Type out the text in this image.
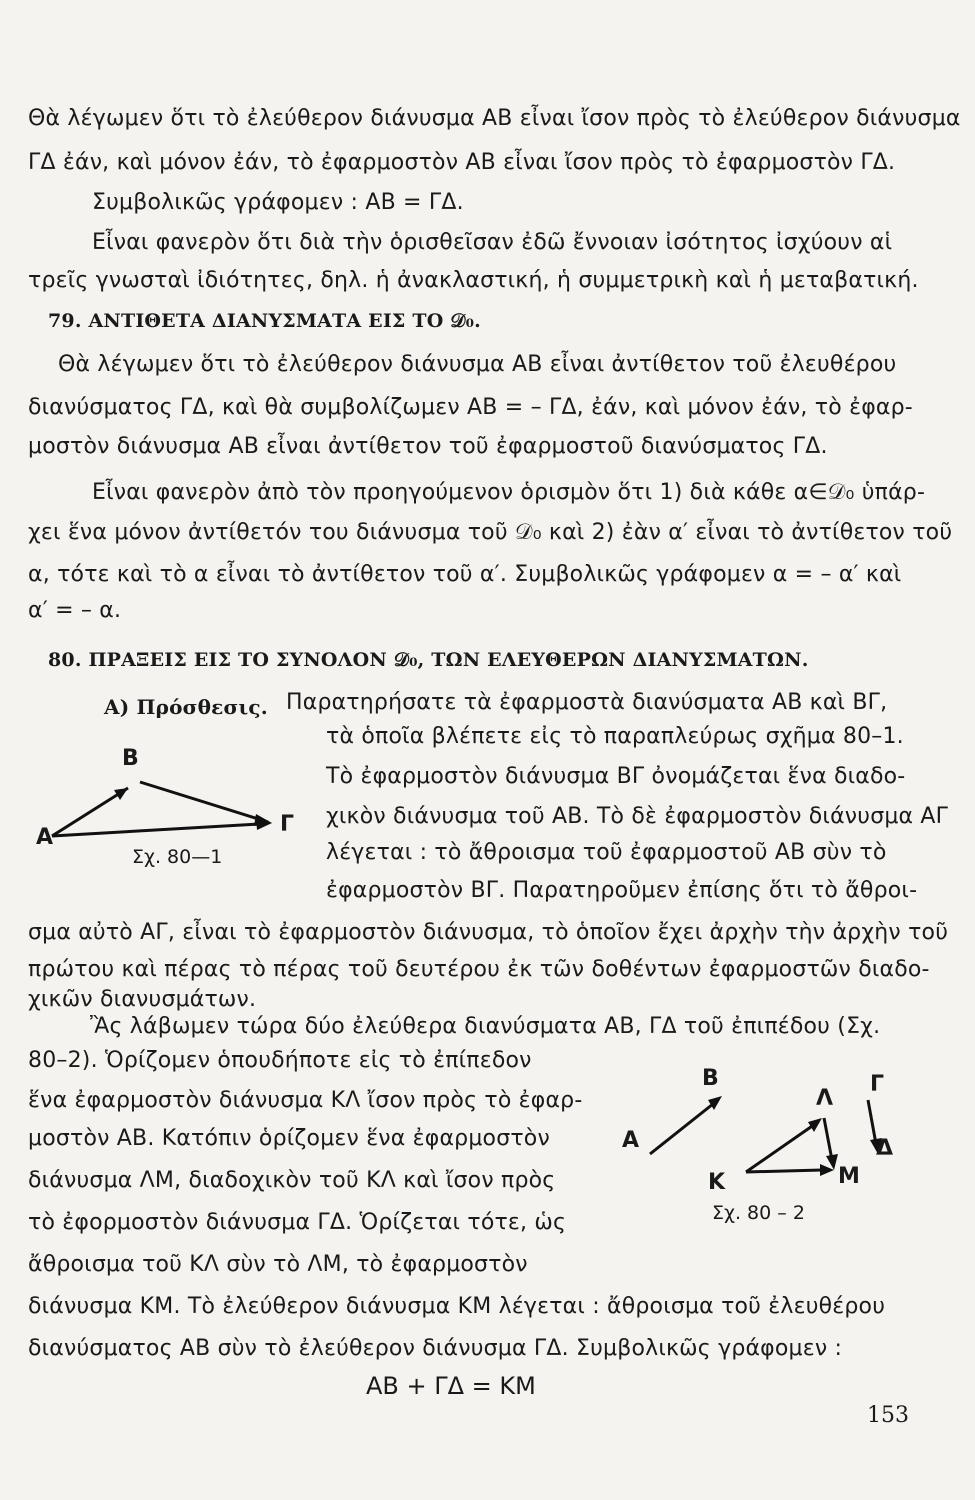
Θὰ λέγωμεν ὅτι τὸ ἐλεύθερον διάνυσμα AB εἶναι ἴσον πρὸς τὸ ἐλεύθερον διάνυσμα
ΓΔ ἐάν, καὶ μόνον ἐάν, τὸ ἐφαρμοστὸν AB εἶναι ἴσον πρὸς τὸ ἐφαρμοστὸν ΓΔ.
Συμβολικῶς γράφομεν : AB = ΓΔ.
Εἶναι φανερὸν ὅτι διὰ τὴν ὁρισθεῖσαν ἐδῶ ἔννοιαν ἰσότητος ἰσχύουν αἱ
τρεῖς γνωσταὶ ἰδιότητες, δηλ. ἡ ἀνακλαστική, ἡ συμμετρικὴ καὶ ἡ μεταβατική.
79. ΑΝΤΙΘΕΤΑ ΔΙΑΝΥΣΜΑΤΑ ΕΙΣ ΤΟ 𝒟₀.
Θὰ λέγωμεν ὅτι τὸ ἐλεύθερον διάνυσμα AB εἶναι ἀντίθετον τοῦ ἐλευθέρου
διανύσματος ΓΔ, καὶ θὰ συμβολίζωμεν AB = – ΓΔ, ἐάν, καὶ μόνον ἐάν, τὸ ἐφαρ-
μοστὸν διάνυσμα AB εἶναι ἀντίθετον τοῦ ἐφαρμοστοῦ διανύσματος ΓΔ.
Εἶναι φανερὸν ἀπὸ τὸν προηγούμενον ὁρισμὸν ὅτι 1) διὰ κάθε α∈𝒟₀ ὑπάρ-
χει ἕνα μόνον ἀντίθετόν του διάνυσμα τοῦ 𝒟₀ καὶ 2) ἐὰν α′ εἶναι τὸ ἀντίθετον τοῦ
α, τότε καὶ τὸ α εἶναι τὸ ἀντίθετον τοῦ α′. Συμβολικῶς γράφομεν α = – α′ καὶ
α′ = – α.
80. ΠΡΑΞΕΙΣ ΕΙΣ ΤΟ ΣΥΝΟΛΟΝ 𝒟₀, ΤΩΝ ΕΛΕΥΘΕΡΩΝ ΔΙΑΝΥΣΜΑΤΩΝ.
Α) Πρόσθεσις. Παρατηρήσατε τὰ ἐφαρμοστὰ διανύσματα AB καὶ BΓ,
τὰ ὁποῖα βλέπετε εἰς τὸ παραπλεύρως σχῆμα 80–1.
Τὸ ἐφαρμοστὸν διάνυσμα BΓ ὀνομάζεται ἕνα διαδο-
χικὸν διάνυσμα τοῦ AB. Τὸ δὲ ἐφαρμοστὸν διάνυσμα AΓ
λέγεται : τὸ ἄθροισμα τοῦ ἐφαρμοστοῦ AB σὺν τὸ
ἐφαρμοστὸν BΓ. Παρατηροῦμεν ἐπίσης ὅτι τὸ ἄθροι-
A
B
Γ
Σχ. 80—1
σμα αὐτὸ AΓ, εἶναι τὸ ἐφαρμοστὸν διάνυσμα, τὸ ὁποῖον ἔχει ἀρχὴν τὴν ἀρχὴν τοῦ
πρώτου καὶ πέρας τὸ πέρας τοῦ δευτέρου ἐκ τῶν δοθέντων ἐφαρμοστῶν διαδο-
χικῶν διανυσμάτων.
Ἂς λάβωμεν τώρα δύο ἐλεύθερα διανύσματα AB, ΓΔ τοῦ ἐπιπέδου (Σχ.
80–2). Ὁρίζομεν ὁπουδήποτε εἰς τὸ ἐπίπεδον
ἕνα ἐφαρμοστὸν διάνυσμα KΛ ἴσον πρὸς τὸ ἐφαρ-
μοστὸν AB. Κατόπιν ὁρίζομεν ἕνα ἐφαρμοστὸν
διάνυσμα ΛM, διαδοχικὸν τοῦ KΛ καὶ ἴσον πρὸς
τὸ ἐφορμοστὸν διάνυσμα ΓΔ. Ὁρίζεται τότε, ὡς
ἄθροισμα τοῦ KΛ σὺν τὸ ΛM, τὸ ἐφαρμοστὸν
διάνυσμα KM. Τὸ ἐλεύθερον διάνυσμα KM λέγεται : ἄθροισμα τοῦ ἐλευθέρου
διανύσματος AB σὺν τὸ ἐλεύθερον διάνυσμα ΓΔ. Συμβολικῶς γράφομεν :
A
B	Γ
Δ
Λ
K	M
Σχ. 80 – 2
AB + ΓΔ = KM
153
